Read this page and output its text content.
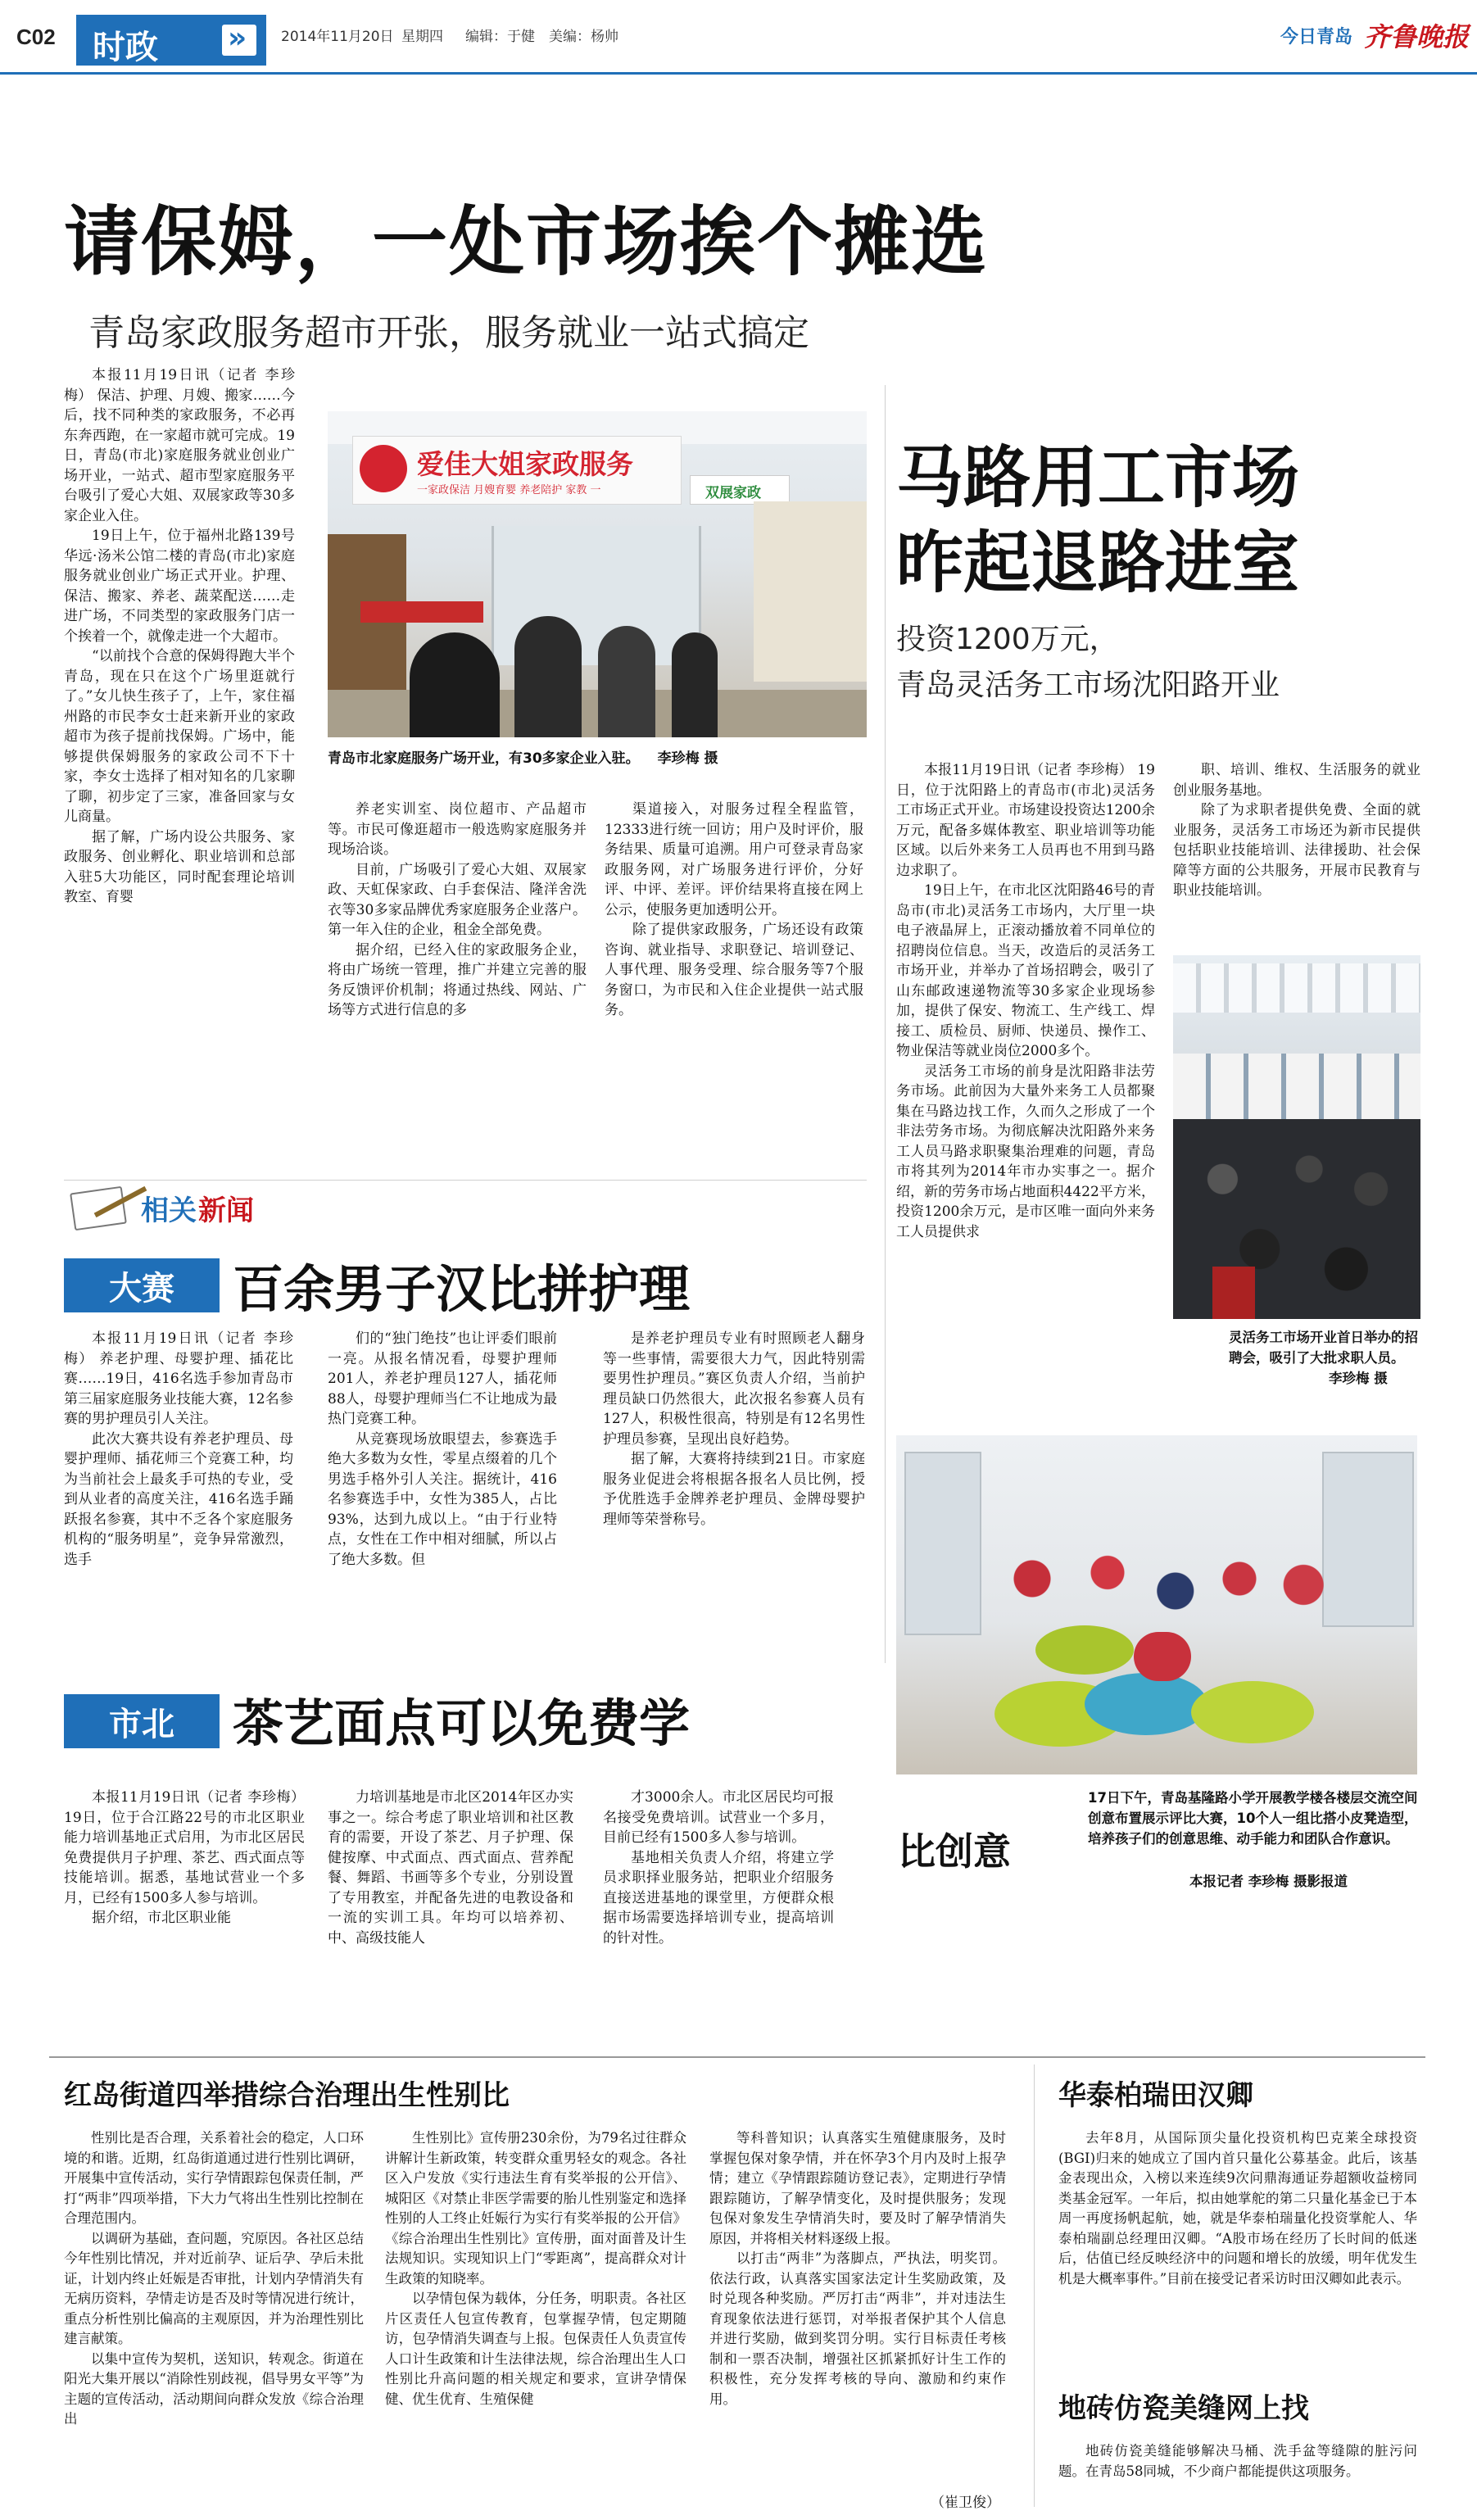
C02 时政 » 2014年11月20日 星期四 编辑：于健 美编：杨帅	今日青岛 齐鲁晚报
请保姆，一处市场挨个摊选
青岛家政服务超市开张，服务就业一站式搞定

本报11月19日讯（记者 李珍梅） 保洁、护理、月嫂、搬家……今后，找不同种类的家政服务，不必再东奔西跑，在一家超市就可完成。19日，青岛(市北)家庭服务就业创业广场开业，一站式、超市型家庭服务平台吸引了爱心大姐、双展家政等30多家企业入住。

19日上午，位于福州北路139号华远·汤米公馆二楼的青岛(市北)家庭服务就业创业广场正式开业。护理、保洁、搬家、养老、蔬菜配送……走进广场，不同类型的家政服务门店一个挨着一个，就像走进一个大超市。

“以前找个合意的保姆得跑大半个青岛，现在只在这个广场里逛就行了。”女儿快生孩子了，上午，家住福州路的市民李女士赶来新开业的家政超市为孩子提前找保姆。广场中，能够提供保姆服务的家政公司不下十家，李女士选择了相对知名的几家聊了聊，初步定了三家，准备回家与女儿商量。

据了解，广场内设公共服务、家政服务、创业孵化、职业培训和总部入驻5大功能区，同时配套理论培训教室、育婴

爱佳大姐家政服务
一家政保洁 月嫂育婴 养老陪护 家教 一	双展家政
青岛市北家庭服务广场开业，有30多家企业入驻。 李珍梅 摄

养老实训室、岗位超市、产品超市等。市民可像逛超市一般选购家庭服务并现场洽谈。

目前，广场吸引了爱心大姐、双展家政、天虹保家政、白手套保洁、隆洋舍洗衣等30多家品牌优秀家庭服务企业落户。第一年入住的企业，租金全部免费。

据介绍，已经入住的家政服务企业，将由广场统一管理，推广并建立完善的服务反馈评价机制；将通过热线、网站、广场等方式进行信息的多

渠道接入，对服务过程全程监管，12333进行统一回访；用户及时评价，服务结果、质量可追溯。用户可登录青岛家政服务网，对广场服务进行评价，分好评、中评、差评。评价结果将直接在网上公示，使服务更加透明公开。

除了提供家政服务，广场还设有政策咨询、就业指导、求职登记、培训登记、人事代理、服务受理、综合服务等7个服务窗口，为市民和入住企业提供一站式服务。

相关 新闻
大赛	百余男子汉比拼护理

本报11月19日讯（记者 李珍梅） 养老护理、母婴护理、插花比赛……19日，416名选手参加青岛市第三届家庭服务业技能大赛，12名参赛的男护理员引人关注。

此次大赛共设有养老护理员、母婴护理师、插花师三个竞赛工种，均为当前社会上最炙手可热的专业，受到从业者的高度关注，416名选手踊跃报名参赛，其中不乏各个家庭服务机构的“服务明星”，竞争异常激烈，选手

们的“独门绝技”也让评委们眼前一亮。从报名情况看，母婴护理师201人，养老护理员127人，插花师88人，母婴护理师当仁不让地成为最热门竞赛工种。

从竞赛现场放眼望去，参赛选手绝大多数为女性，零星点缀着的几个男选手格外引人关注。据统计，416名参赛选手中，女性为385人，占比93%，达到九成以上。“由于行业特点，女性在工作中相对细腻，所以占了绝大多数。但

是养老护理员专业有时照顾老人翻身等一些事情，需要很大力气，因此特别需要男性护理员。”赛区负责人介绍，当前护理员缺口仍然很大，此次报名参赛人员有127人，积极性很高，特别是有12名男性护理员参赛，呈现出良好趋势。

据了解，大赛将持续到21日。市家庭服务业促进会将根据各报名人员比例，授予优胜选手金牌养老护理员、金牌母婴护理师等荣誉称号。

市北	茶艺面点可以免费学

本报11月19日讯（记者 李珍梅） 19日，位于合江路22号的市北区职业能力培训基地正式启用，为市北区居民免费提供月子护理、茶艺、西式面点等技能培训。据悉，基地试营业一个多月，已经有1500多人参与培训。

据介绍，市北区职业能

力培训基地是市北区2014年区办实事之一。综合考虑了职业培训和社区教育的需要，开设了茶艺、月子护理、保健按摩、中式面点、西式面点、营养配餐、舞蹈、书画等多个专业，分别设置了专用教室，并配备先进的电教设备和一流的实训工具。年均可以培养初、中、高级技能人

才3000余人。市北区居民均可报名接受免费培训。试营业一个多月，目前已经有1500多人参与培训。

基地相关负责人介绍，将建立学员求职择业服务站，把职业介绍服务直接送进基地的课堂里，方便群众根据市场需要选择培训专业，提高培训的针对性。

马路用工市场
昨起退路进室
投资1200万元，
青岛灵活务工市场沈阳路开业

本报11月19日讯（记者 李珍梅） 19日，位于沈阳路上的青岛市(市北)灵活务工市场正式开业。市场建设投资达1200余万元，配备多媒体教室、职业培训等功能区域。以后外来务工人员再也不用到马路边求职了。

19日上午，在市北区沈阳路46号的青岛市(市北)灵活务工市场内，大厅里一块电子液晶屏上，正滚动播放着不同单位的招聘岗位信息。当天，改造后的灵活务工市场开业，并举办了首场招聘会，吸引了山东邮政速递物流等30多家企业现场参加，提供了保安、物流工、生产线工、焊接工、质检员、厨师、快递员、操作工、物业保洁等就业岗位2000多个。

灵活务工市场的前身是沈阳路非法劳务市场。此前因为大量外来务工人员都聚集在马路边找工作，久而久之形成了一个非法劳务市场。为彻底解决沈阳路外来务工人员马路求职聚集治理难的问题，青岛市将其列为2014年市办实事之一。据介绍，新的劳务市场占地面积4422平方米，投资1200余万元，是市区唯一面向外来务工人员提供求

职、培训、维权、生活服务的就业创业服务基地。

除了为求职者提供免费、全面的就业服务，灵活务工市场还为新市民提供包括职业技能培训、法律援助、社会保障等方面的公共服务，开展市民教育与职业技能培训。

灵活务工市场开业首日举办的招聘会，吸引了大批求职人员。
李珍梅 摄
比创意
17日下午，青岛基隆路小学开展教学楼各楼层交流空间创意布置展示评比大赛，10个人一组比搭小皮凳造型，培养孩子们的创意思维、动手能力和团队合作意识。
本报记者 李珍梅 摄影报道
红岛街道四举措综合治理出生性别比

性别比是否合理，关系着社会的稳定，人口环境的和谐。近期，红岛街道通过进行性别比调研，开展集中宣传活动，实行孕情跟踪包保责任制，严打“两非”四项举措，下大力气将出生性别比控制在合理范围内。

以调研为基础，查问题，究原因。各社区总结今年性别比情况，并对近前孕、证后孕、孕后未批证，计划内终止妊娠是否审批，计划内孕情消失有无病历资料，孕情走访是否及时等情况进行统计，重点分析性别比偏高的主观原因，并为治理性别比建言献策。

以集中宣传为契机，送知识，转观念。街道在阳光大集开展以“消除性别歧视，倡导男女平等”为主题的宣传活动，活动期间向群众发放《综合治理出

生性别比》宣传册230余份，为79名过往群众讲解计生新政策，转变群众重男轻女的观念。各社区入户发放《实行违法生育有奖举报的公开信》、城阳区《对禁止非医学需要的胎儿性别鉴定和选择性别的人工终止妊娠行为实行有奖举报的公开信》《综合治理出生性别比》宣传册，面对面普及计生法规知识。实现知识上门“零距离”，提高群众对计生政策的知晓率。

以孕情包保为载体，分任务，明职责。各社区片区责任人包宣传教育，包掌握孕情，包定期随访，包孕情消失调查与上报。包保责任人负责宣传人口计生政策和计生法律法规，综合治理出生人口性别比升高问题的相关规定和要求，宣讲孕情保健、优生优育、生殖保健

等科普知识；认真落实生殖健康服务，及时掌握包保对象孕情，并在怀孕3个月内及时上报孕情；建立《孕情跟踪随访登记表》，定期进行孕情跟踪随访，了解孕情变化，及时提供服务；发现包保对象发生孕情消失时，要及时了解孕情消失原因，并将相关材料逐级上报。

以打击“两非”为落脚点，严执法，明奖罚。依法行政，认真落实国家法定计生奖励政策，及时兑现各种奖励。严厉打击“两非”，并对违法生育现象依法进行惩罚，对举报者保护其个人信息并进行奖励，做到奖罚分明。实行目标责任考核制和一票否决制，增强社区抓紧抓好计生工作的积极性，充分发挥考核的导向、激励和约束作用。

（崔卫俊）
华泰柏瑞田汉卿

去年8月，从国际顶尖量化投资机构巴克莱全球投资(BGI)归来的她成立了国内首只量化公募基金。此后，该基金表现出众，入榜以来连续9次问鼎海通证券超额收益榜同类基金冠军。一年后，拟由她掌舵的第二只量化基金已于本周一再度扬帆起航，她，就是华泰柏瑞量化投资掌舵人、华泰柏瑞副总经理田汉卿。“A股市场在经历了长时间的低迷后，估值已经反映经济中的问题和增长的放缓，明年优发生机是大概率事件。”目前在接受记者采访时田汉卿如此表示。

地砖仿瓷美缝网上找

地砖仿瓷美缝能够解决马桶、洗手盆等缝隙的脏污问题。在青岛58同城，不少商户都能提供这项服务。
